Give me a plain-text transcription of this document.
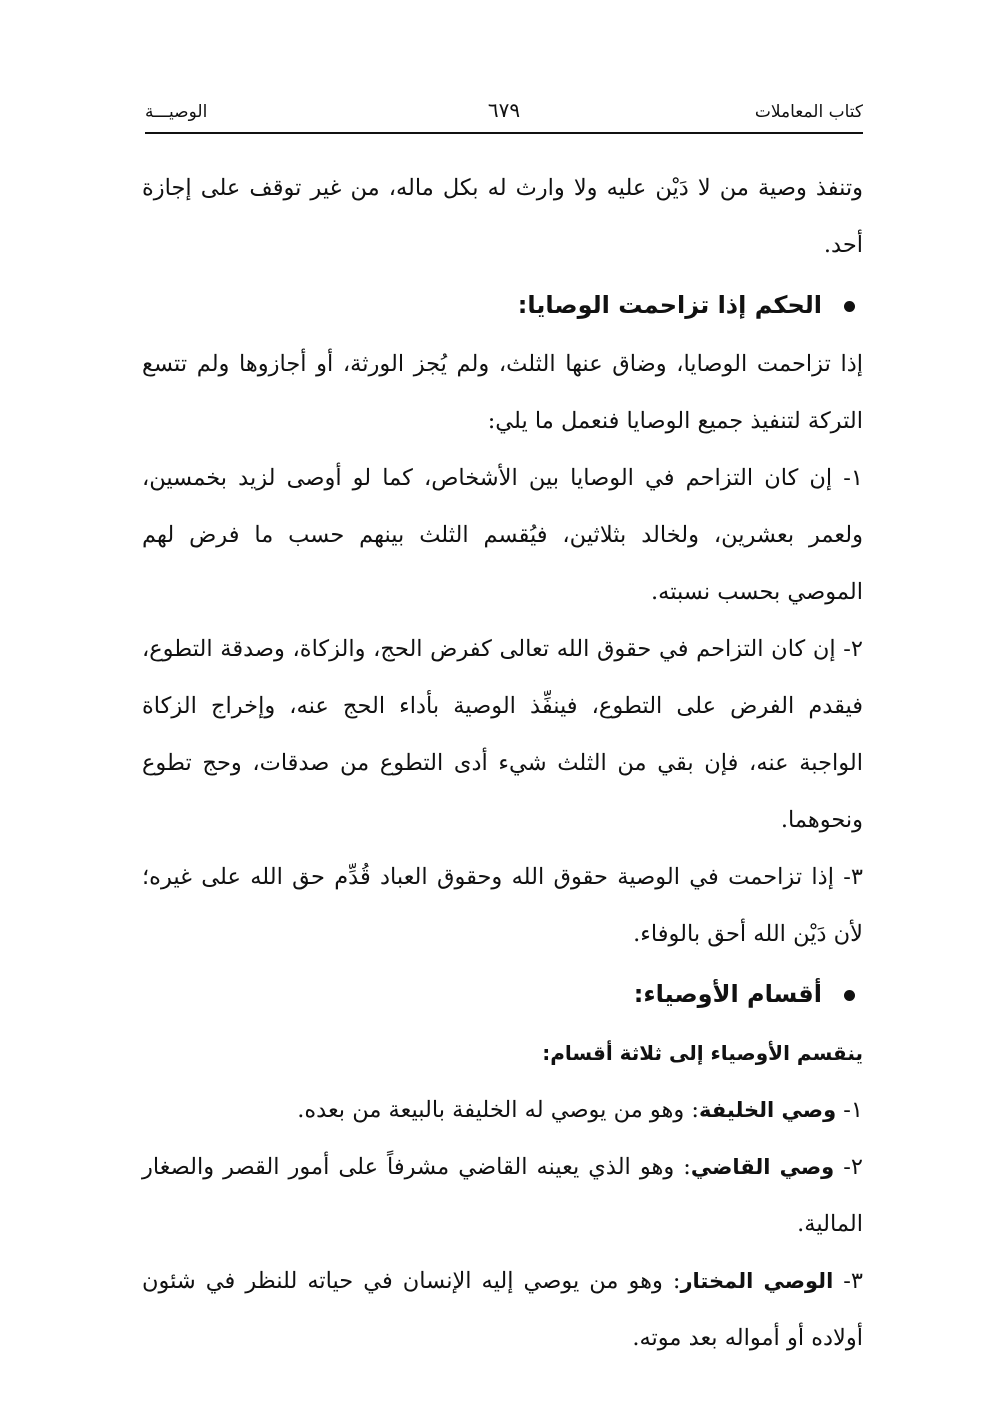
كتاب المعاملات
٦٧٩
الوصيـــة

وتنفذ وصية من لا دَيْن عليه ولا وارث له بكل ماله، من غير توقف على إجازة أحد.

الحكم إذا تزاحمت الوصايا:

إذا تزاحمت الوصايا، وضاق عنها الثلث، ولم يُجز الورثة، أو أجازوها ولم تتسع التركة لتنفيذ جميع الوصايا فنعمل ما يلي:

١- إن كان التزاحم في الوصايا بين الأشخاص، كما لو أوصى لزيد بخمسين، ولعمر بعشرين، ولخالد بثلاثين، فيُقسم الثلث بينهم حسب ما فرض لهم الموصي بحسب نسبته.

٢- إن كان التزاحم في حقوق الله تعالى كفرض الحج، والزكاة، وصدقة التطوع، فيقدم الفرض على التطوع، فينفِّذ الوصية بأداء الحج عنه، وإخراج الزكاة الواجبة عنه، فإن بقي من الثلث شيء أدى التطوع من صدقات، وحج تطوع ونحوهما.

٣- إذا تزاحمت في الوصية حقوق الله وحقوق العباد قُدِّم حق الله على غيره؛ لأن دَيْن الله أحق بالوفاء.

أقسام الأوصياء:

ينقسم الأوصياء إلى ثلاثة أقسام:

١- وصي الخليفة: وهو من يوصي له الخليفة بالبيعة من بعده.

٢- وصي القاضي: وهو الذي يعينه القاضي مشرفاً على أمور القصر والصغار المالية.

٣- الوصي المختار: وهو من يوصي إليه الإنسان في حياته للنظر في شئون أولاده أو أمواله بعد موته.
